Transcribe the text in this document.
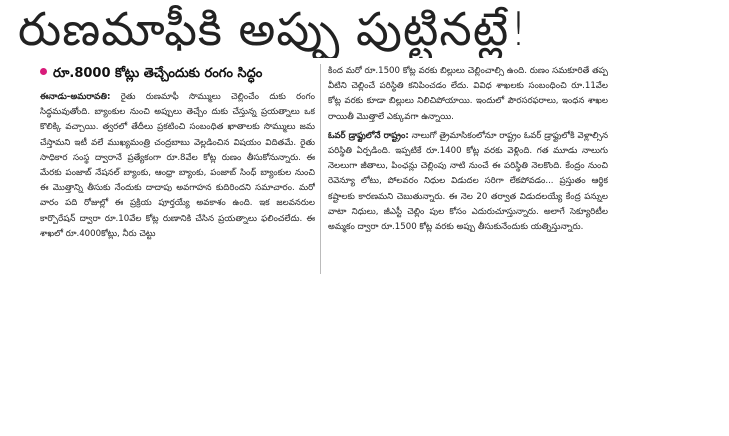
రుణమాఫీకి అప్పు పుట్టినట్లే!
రూ.8000 కోట్లు తెచ్చేందుకు రంగం సిద్ధం

ఈనాడు-అమరావతి: రైతు రుణమాఫీ సొమ్ములు చెల్లించేం దుకు రంగం సిద్ధమవుతోంది. బ్యాంకుల నుంచి అప్పులు తెచ్చేం దుకు చేస్తున్న ప్రయత్నాలు ఒక కొలిక్కి వచ్చాయి. త్వరలో తేదీలు ప్రకటించి సంబంధిత ఖాతాలకు సొమ్ములు జమ చేస్తామని ఇటీ వలే ముఖ్యమంత్రి చంద్రబాబు వెల్లడించిన విషయం విదితమే. రైతు సాధికార సంస్థ ద్వారానే ప్రత్యేకంగా రూ.8వేల కోట్ల రుణం తీసుకోనున్నారు. ఈ మేరకు పంజాబ్ నేషనల్ బ్యాంకు, ఆంధ్రా బ్యాంకు, పంజాబ్ సింధ్ బ్యాంకుల నుంచి ఈ మొత్తాన్ని తీసుకు నేందుకు దాదాపు అవగాహన కుదిరిందని సమాచారం. మరో వారం పది రోజుల్లో ఈ ప్రక్రియ పూర్తయ్యే అవకాశం ఉంది. ఇక జలవనరుల కార్పొరేషన్ ద్వారా రూ.10వేల కోట్ల రుణానికి చేసిన ప్రయత్నాలు ఫలించలేదు. ఈ శాఖలో రూ.4000కోట్లు, నీరు చెట్టు

కింద మరో రూ.1500 కోట్ల వరకు బిల్లులు చెల్లించాల్సి ఉంది. రుణం సమకూరితే తప్ప వీటిని చెల్లించే పరిస్థితి కనిపించడం లేదు. వివిధ శాఖలకు సంబంధించి రూ.11వేల కోట్ల వరకు కూడా బిల్లులు నిలిచిపోయాయి. ఇందులో పౌరసరఫరాలు, ఇంధన శాఖల రాయితీ మొత్తాలే ఎక్కువగా ఉన్నాయి.

ఓవర్ డ్రాఫ్టులోనే రాష్ట్రం: నాలుగో త్రైమాసికంలోనూ రాష్ట్రం ఓవర్ డ్రాఫ్టులోకి వెళ్లాల్సిన పరిస్థితి ఏర్పడింది. ఇప్పటికే రూ.1400 కోట్ల వరకు వెళ్లింది. గత మూడు నాలుగు నెలలుగా జీతాలు, పింఛన్లు చెల్లింపు నాటి నుంచే ఈ పరిస్థితి నెలకొంది. కేంద్రం నుంచి రెవెన్యూ లోటు, పోలవరం నిధుల విడుదల సరిగా లేకపోవడం... ప్రస్తుతం ఆర్థిక కష్టాలకు కారణమని చెబుతున్నారు. ఈ నెల 20 తర్వాత విడుదలయ్యే కేంద్ర పన్నుల వాటా నిధులు, జీఎస్టీ చెల్లిం పుల కోసం ఎదురుచూస్తున్నారు. అలాగే సెక్యూరిటీల అమ్మకం ద్వారా రూ.1500 కోట్ల వరకు అప్పు తీసుకునేందుకు యత్నిస్తున్నారు.
